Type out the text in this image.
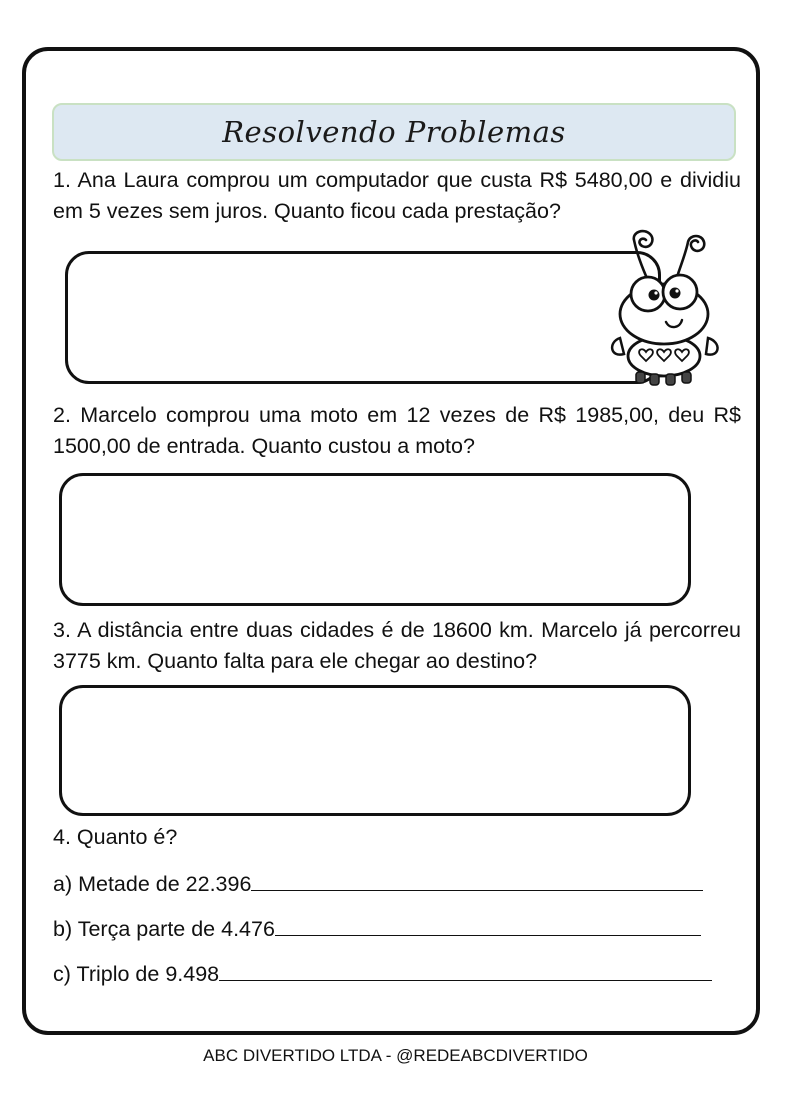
Resolvendo Problemas
1. Ana Laura comprou um computador que custa R$ 5480,00 e dividiu em 5 vezes sem juros. Quanto ficou cada prestação?
2. Marcelo comprou uma moto em 12 vezes de R$ 1985,00, deu R$ 1500,00 de entrada. Quanto custou a moto?
3. A distância entre duas cidades é de 18600 km. Marcelo já percorreu 3775 km. Quanto falta para ele chegar ao destino?
4. Quanto é?
a) Metade de 22.396
b) Terça parte de 4.476
c) Triplo de 9.498
ABC DIVERTIDO LTDA - @REDEABCDIVERTIDO
